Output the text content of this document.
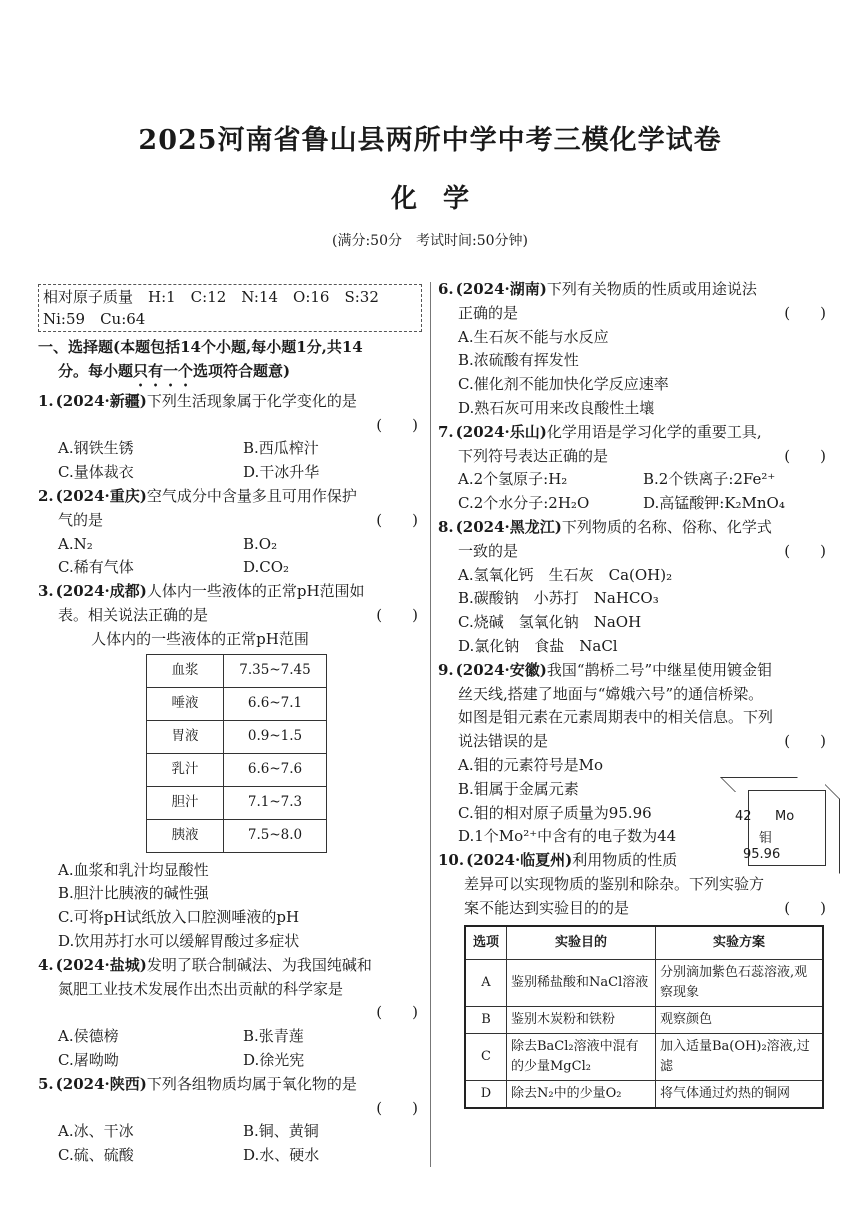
2025河南省鲁山县两所中学中考三模化学试卷
化学
(满分:50分　考试时间:50分钟)
相对原子质量　H:1　C:12　N:14　O:16　S:32
Ni:59　Cu:64
一、选择题(本题包括14个小题,每小题1分,共14
分。每小题只有一个选项符合题意)
1. (2024·新疆)下列生活现象属于化学变化的是
(　　)
A.钢铁生锈	B.西瓜榨汁
C.量体裁衣	D.干冰升华
2. (2024·重庆)空气成分中含量多且可用作保护
气的是	(　　)
A.N₂	B.O₂
C.稀有气体	D.CO₂
3. (2024·成都)人体内一些液体的正常pH范围如
表。相关说法正确的是	(　　)
人体内的一些液体的正常pH范围
血浆	7.35~7.45
唾液	6.6~7.1
胃液	0.9~1.5
乳汁	6.6~7.6
胆汁	7.1~7.3
胰液	7.5~8.0
A.血浆和乳汁均显酸性
B.胆汁比胰液的碱性强
C.可将pH试纸放入口腔测唾液的pH
D.饮用苏打水可以缓解胃酸过多症状
4. (2024·盐城)发明了联合制碱法、为我国纯碱和
氮肥工业技术发展作出杰出贡献的科学家是
(　　)
A.侯德榜	B.张青莲
C.屠呦呦	D.徐光宪
5. (2024·陕西)下列各组物质均属于氧化物的是
(　　)
A.冰、干冰	B.铜、黄铜
C.硫、硫酸	D.水、硬水
6. (2024·湖南)下列有关物质的性质或用途说法
正确的是	(　　)
A.生石灰不能与水反应
B.浓硫酸有挥发性
C.催化剂不能加快化学反应速率
D.熟石灰可用来改良酸性土壤
7. (2024·乐山)化学用语是学习化学的重要工具,
下列符号表达正确的是	(　　)
A.2个氢原子:H₂	B.2个铁离子:2Fe²⁺
C.2个水分子:2H₂O	D.高锰酸钾:K₂MnO₄
8. (2024·黑龙江)下列物质的名称、俗称、化学式
一致的是	(　　)
A.氢氧化钙　生石灰　Ca(OH)₂
B.碳酸钠　小苏打　NaHCO₃
C.烧碱　氢氧化钠　NaOH
D.氯化钠　食盐　NaCl
9. (2024·安徽)我国“鹊桥二号”中继星使用镀金钼
丝天线,搭建了地面与“嫦娥六号”的通信桥梁。
如图是钼元素在元素周期表中的相关信息。下列
说法错误的是	(　　)
A.钼的元素符号是Mo
B.钼属于金属元素
C.钼的相对原子质量为95.96
D.1个Mo²⁺中含有的电子数为44
10. (2024·临夏州)利用物质的性质
差异可以实现物质的鉴别和除杂。下列实验方
案不能达到实验目的的是	(　　)
选项	实验目的	实验方案
A	鉴别稀盐酸和NaCl溶液	分别滴加紫色石蕊溶液,观察现象
B	鉴别木炭粉和铁粉	观察颜色
C	除去BaCl₂溶液中混有的少量MgCl₂	加入适量Ba(OH)₂溶液,过滤
D	除去N₂中的少量O₂	将气体通过灼热的铜网
42 Mo
钼
95.96
